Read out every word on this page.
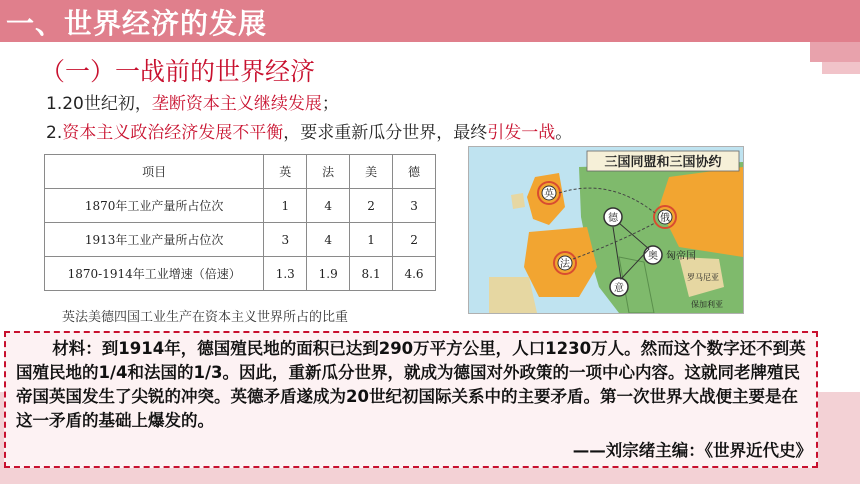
一、世界经济的发展
（一）一战前的世界经济
1.20世纪初，垄断资本主义继续发展；
2.资本主义政治经济发展不平衡，要求重新瓜分世界，最终引发一战。
项目	英	法	美	德
1870年工业产量所占位次	1	4	2	3
1913年工业产量所占位次	3	4	1	2
1870-1914年工业增速（倍速）	1.3	1.9	8.1	4.6
英法美德四国工业生产在资本主义世界所占的比重
三国同盟和三国协约
英
法
德	俄
奥 匈帝国
意
罗马尼亚
保加利亚

材料：到1914年，德国殖民地的面积已达到290万平方公里，人口1230万人。然而这个数字还不到英国殖民地的1/4和法国的1/3。因此，重新瓜分世界，就成为德国对外政策的一项中心内容。这就同老牌殖民帝国英国发生了尖锐的冲突。英德矛盾遂成为20世纪初国际关系中的主要矛盾。第一次世界大战便主要是在这一矛盾的基础上爆发的。

——刘宗绪主编：《世界近代史》
